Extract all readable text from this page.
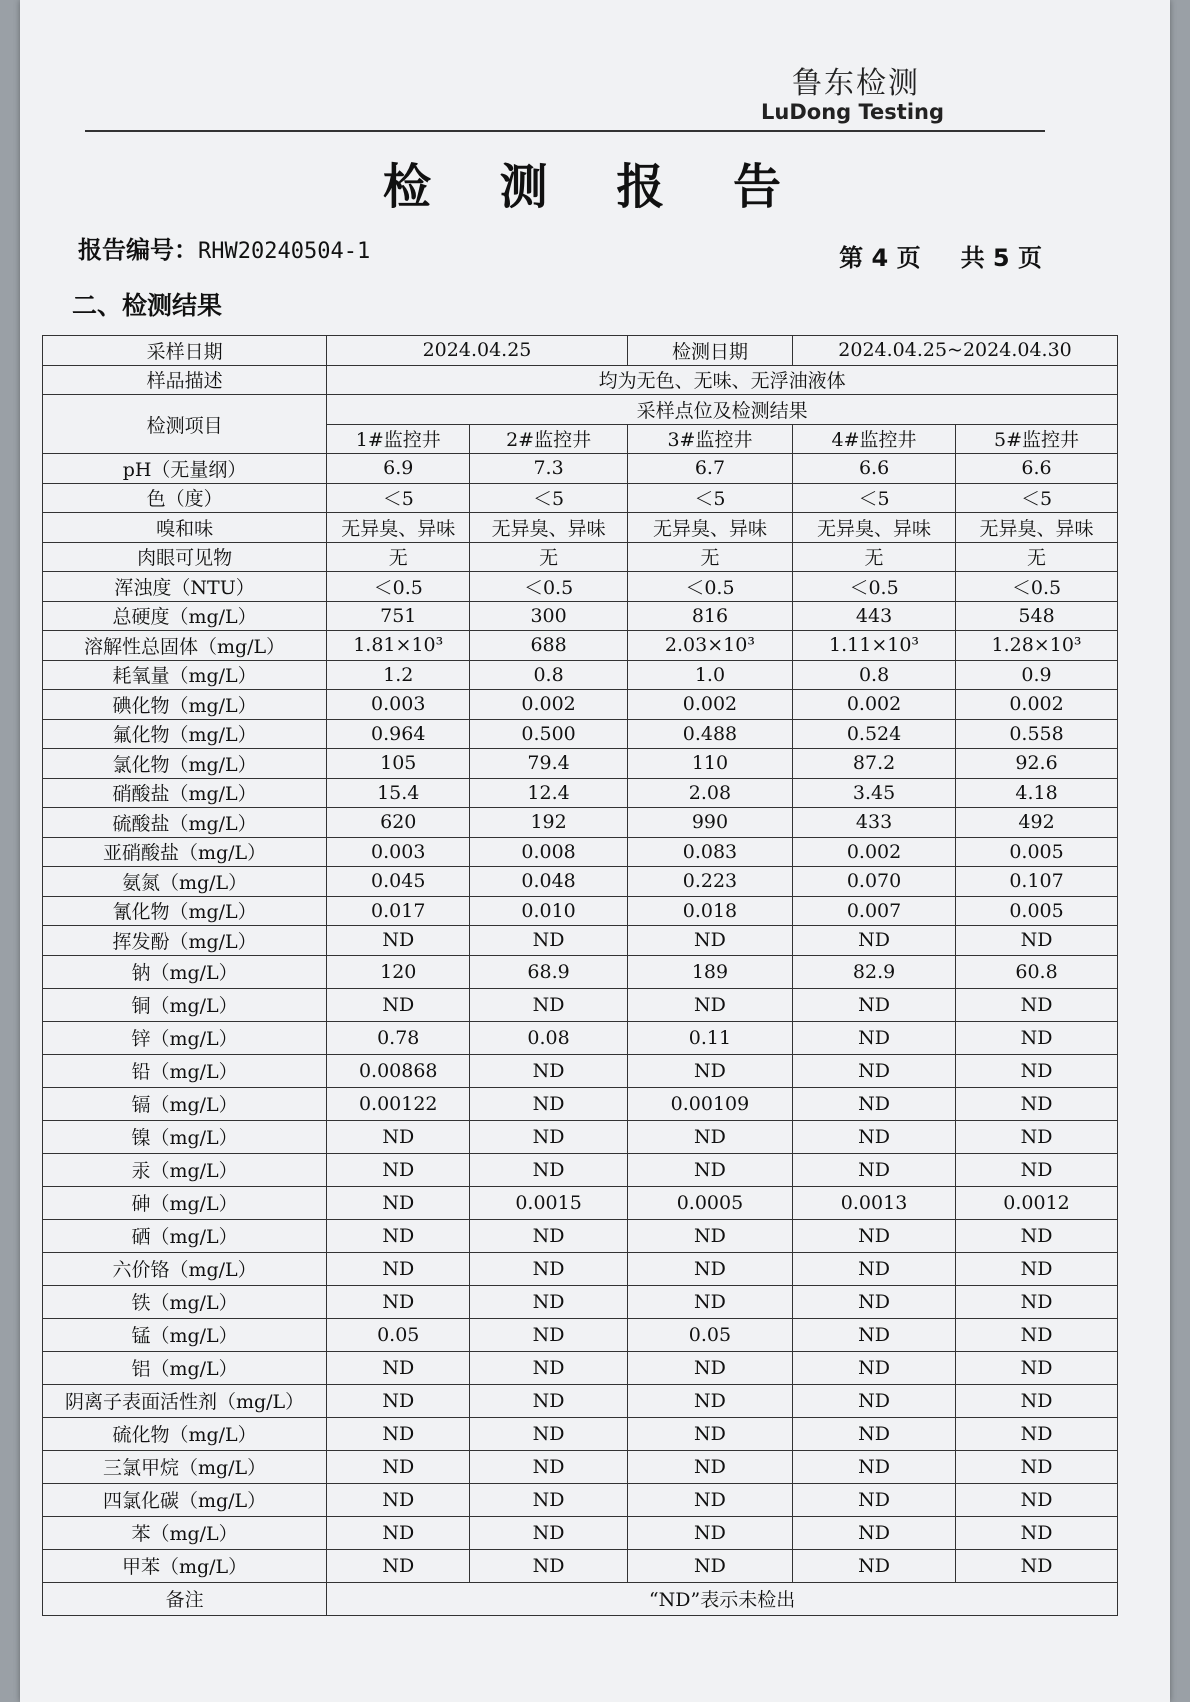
鲁东检测
LuDong Testing
检 测 报 告
报告编号：RHW20240504-1	第 4 页 共 5 页
二、检测结果
采样日期	2024.04.25		检测日期	2024.04.25~2024.04.30	
样品描述	均为无色、无味、无浮油液体				
检测项目	采样点位及检测结果				
	1#监控井	2#监控井	3#监控井	4#监控井	5#监控井
pH（无量纲）	6.9	7.3	6.7	6.6	6.6
色（度）	＜5	＜5	＜5	＜5	＜5
嗅和味	无异臭、异味	无异臭、异味	无异臭、异味	无异臭、异味	无异臭、异味
肉眼可见物	无	无	无	无	无
浑浊度（NTU）	＜0.5	＜0.5	＜0.5	＜0.5	＜0.5
总硬度（mg/L）	751	300	816	443	548
溶解性总固体（mg/L）	1.81×10³	688	2.03×10³	1.11×10³	1.28×10³
耗氧量（mg/L）	1.2	0.8	1.0	0.8	0.9
碘化物（mg/L）	0.003	0.002	0.002	0.002	0.002
氟化物（mg/L）	0.964	0.500	0.488	0.524	0.558
氯化物（mg/L）	105	79.4	110	87.2	92.6
硝酸盐（mg/L）	15.4	12.4	2.08	3.45	4.18
硫酸盐（mg/L）	620	192	990	433	492
亚硝酸盐（mg/L）	0.003	0.008	0.083	0.002	0.005
氨氮（mg/L）	0.045	0.048	0.223	0.070	0.107
氰化物（mg/L）	0.017	0.010	0.018	0.007	0.005
挥发酚（mg/L）	ND	ND	ND	ND	ND
钠（mg/L）	120	68.9	189	82.9	60.8
铜（mg/L）	ND	ND	ND	ND	ND
锌（mg/L）	0.78	0.08	0.11	ND	ND
铅（mg/L）	0.00868	ND	ND	ND	ND
镉（mg/L）	0.00122	ND	0.00109	ND	ND
镍（mg/L）	ND	ND	ND	ND	ND
汞（mg/L）	ND	ND	ND	ND	ND
砷（mg/L）	ND	0.0015	0.0005	0.0013	0.0012
硒（mg/L）	ND	ND	ND	ND	ND
六价铬（mg/L）	ND	ND	ND	ND	ND
铁（mg/L）	ND	ND	ND	ND	ND
锰（mg/L）	0.05	ND	0.05	ND	ND
铝（mg/L）	ND	ND	ND	ND	ND
阴离子表面活性剂（mg/L）	ND	ND	ND	ND	ND
硫化物（mg/L）	ND	ND	ND	ND	ND
三氯甲烷（mg/L）	ND	ND	ND	ND	ND
四氯化碳（mg/L）	ND	ND	ND	ND	ND
苯（mg/L）	ND	ND	ND	ND	ND
甲苯（mg/L）	ND	ND	ND	ND	ND
备注	“ND”表示未检出				
